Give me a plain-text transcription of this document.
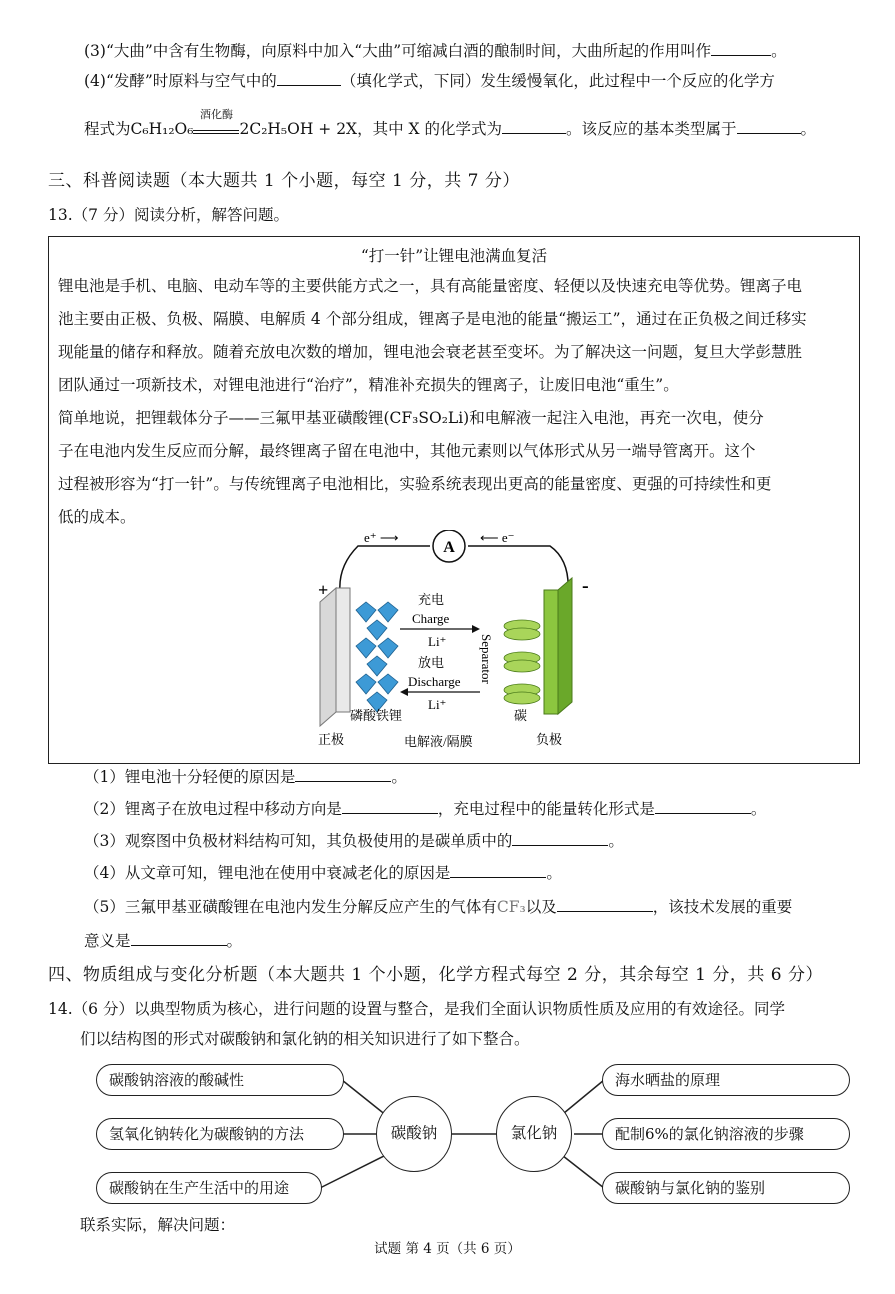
(3)“大曲”中含有生物酶，向原料中加入“大曲”可缩减白酒的酿制时间，大曲所起的作用叫作	。
(4)“发酵”时原料与空气中的	（填化学式，下同）发生缓慢氧化，此过程中一个反应的化学方
程式为C₆H₁₂O₆
酒化酶
2C₂H₅OH + 2X，其中 X 的化学式为	。该反应的基本类型属于	。
三、科普阅读题（本大题共 1 个小题，每空 1 分，共 7 分）
13.（7 分）阅读分析，解答问题。
“打一针”让锂电池满血复活
锂电池是手机、电脑、电动车等的主要供能方式之一，具有高能量密度、轻便以及快速充电等优势。锂离子电
池主要由正极、负极、隔膜、电解质 4 个部分组成，锂离子是电池的能量“搬运工”，通过在正负极之间迁移实
现能量的储存和释放。随着充放电次数的增加，锂电池会衰老甚至变坏。为了解决这一问题，复旦大学彭慧胜
团队通过一项新技术，对锂电池进行“治疗”，精准补充损失的锂离子，让废旧电池“重生”。
简单地说，把锂载体分子——三氟甲基亚磺酸锂(CF₃SO₂Li)和电解液一起注入电池，再充一次电，使分
子在电池内发生反应而分解，最终锂离子留在电池中，其他元素则以气体形式从另一端导管离开。这个
过程被形容为“打一针”。与传统锂离子电池相比，实验系统表现出更高的能量密度、更强的可持续性和更
低的成本。
A
e⁺ ⟶	⟵ e⁻
+	-
充电
Charge
Li⁺
放电
Discharge
Li⁺
Separator
磷酸铁锂	碳
正极	电解液/隔膜	负极
（1）锂电池十分轻便的原因是	。
（2）锂离子在放电过程中移动方向是	，充电过程中的能量转化形式是	。
（3）观察图中负极材料结构可知，其负极使用的是碳单质中的	。
（4）从文章可知，锂电池在使用中衰减老化的原因是	。
（5）三氟甲基亚磺酸锂在电池内发生分解反应产生的气体有CF₃以及	，该技术发展的重要
意义是	。
四、物质组成与变化分析题（本大题共 1 个小题，化学方程式每空 2 分，其余每空 1 分，共 6 分）
14.（6 分）以典型物质为核心，进行问题的设置与整合，是我们全面认识物质性质及应用的有效途径。同学
们以结构图的形式对碳酸钠和氯化钠的相关知识进行了如下整合。
碳酸钠溶液的酸碱性
氢氧化钠转化为碳酸钠的方法
碳酸钠在生产生活中的用途
碳酸钠	氯化钠
海水晒盐的原理
配制6%的氯化钠溶液的步骤
碳酸钠与氯化钠的鉴别
联系实际，解决问题：
试题 第 4 页（共 6 页）
